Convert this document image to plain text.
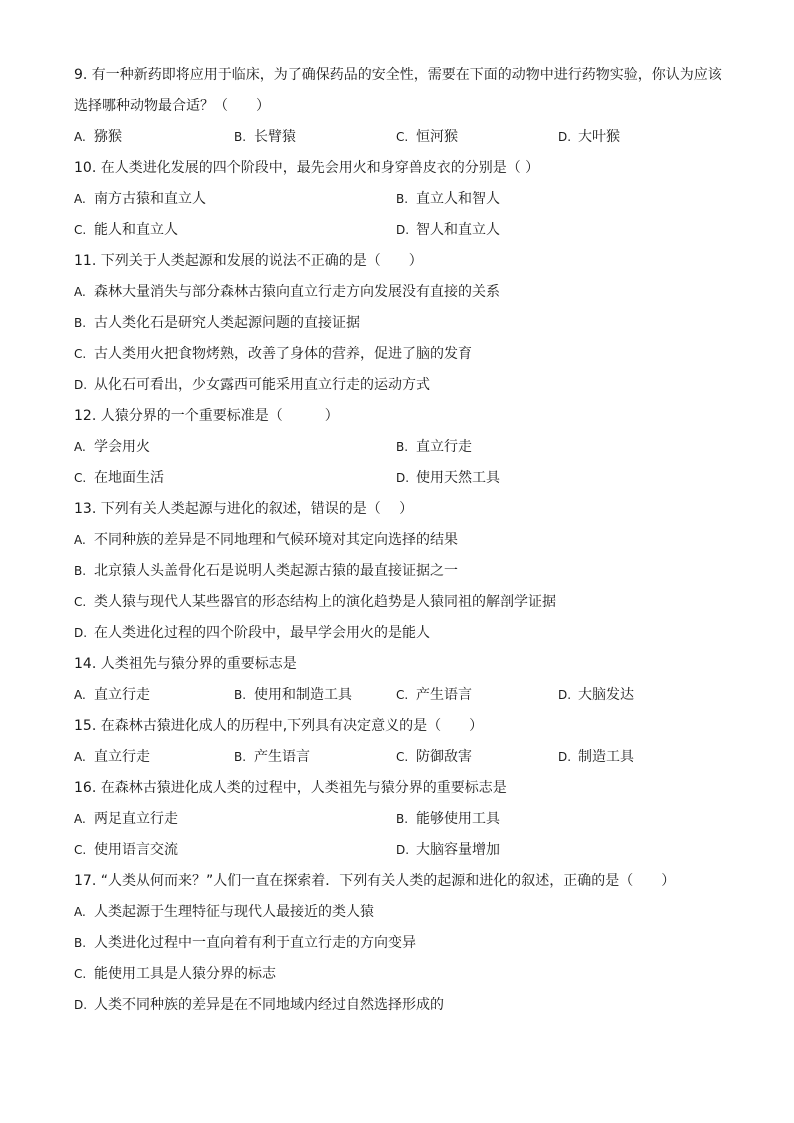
9. 有一种新药即将应用于临床，为了确保药品的安全性，需要在下面的动物中进行药物实验，你认为应该
选择哪种动物最合适？（　　）
A. 猕猴	B. 长臂猿	C. 恒河猴	D. 大叶猴
10. 在人类进化发展的四个阶段中，最先会用火和身穿兽皮衣的分别是（ ）
A. 南方古猿和直立人	B. 直立人和智人
C. 能人和直立人	D. 智人和直立人
11. 下列关于人类起源和发展的说法不正确的是（　　）
A. 森林大量消失与部分森林古猿向直立行走方向发展没有直接的关系
B. 古人类化石是研究人类起源问题的直接证据
C. 古人类用火把食物烤熟，改善了身体的营养，促进了脑的发育
D. 从化石可看出，少女露西可能采用直立行走的运动方式
12. 人猿分界的一个重要标准是（　　　）
A. 学会用火	B. 直立行走
C. 在地面生活	D. 使用天然工具
13. 下列有关人类起源与进化的叙述，错误的是（　 ）
A. 不同种族的差异是不同地理和气候环境对其定向选择的结果
B. 北京猿人头盖骨化石是说明人类起源古猿的最直接证据之一
C. 类人猿与现代人某些器官的形态结构上的演化趋势是人猿同祖的解剖学证据
D. 在人类进化过程的四个阶段中，最早学会用火的是能人
14. 人类祖先与猿分界的重要标志是
A. 直立行走	B. 使用和制造工具	C. 产生语言	D. 大脑发达
15. 在森林古猿进化成人的历程中,下列具有决定意义的是（　　）
A. 直立行走	B. 产生语言	C. 防御敌害	D. 制造工具
16. 在森林古猿进化成人类的过程中，人类祖先与猿分界的重要标志是
A. 两足直立行走	B. 能够使用工具
C. 使用语言交流	D. 大脑容量增加
17. “人类从何而来？”人们一直在探索着．下列有关人类的起源和进化的叙述，正确的是（　　）
A. 人类起源于生理特征与现代人最接近的类人猿
B. 人类进化过程中一直向着有利于直立行走的方向变异
C. 能使用工具是人猿分界的标志
D. 人类不同种族的差异是在不同地域内经过自然选择形成的
